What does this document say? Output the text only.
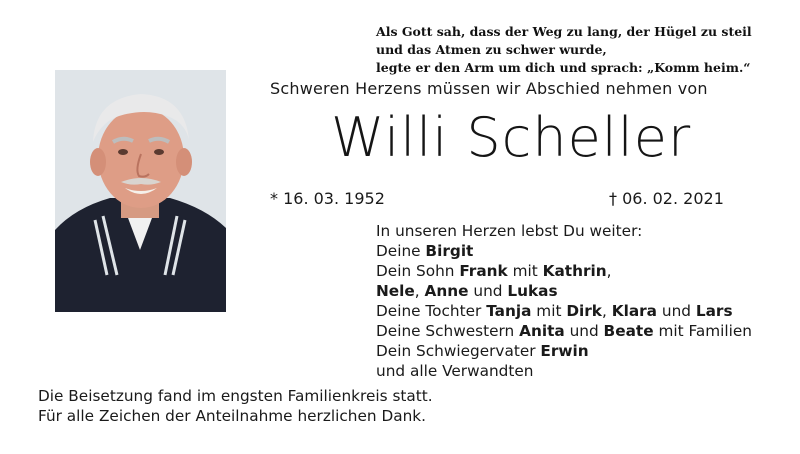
Als Gott sah, dass der Weg zu lang, der Hügel zu steil
und das Atmen zu schwer wurde,
legte er den Arm um dich und sprach: „Komm heim.“
Schweren Herzens müssen wir Abschied nehmen von
Willi Scheller
* 16. 03. 1952	† 06. 02. 2021
In unseren Herzen lebst Du weiter:
Deine Birgit
Dein Sohn Frank mit Kathrin,
Nele, Anne und Lukas
Deine Tochter Tanja mit Dirk, Klara und Lars
Deine Schwestern Anita und Beate mit Familien
Dein Schwiegervater Erwin
und alle Verwandten
Die Beisetzung fand im engsten Familienkreis statt.
Für alle Zeichen der Anteilnahme herzlichen Dank.
